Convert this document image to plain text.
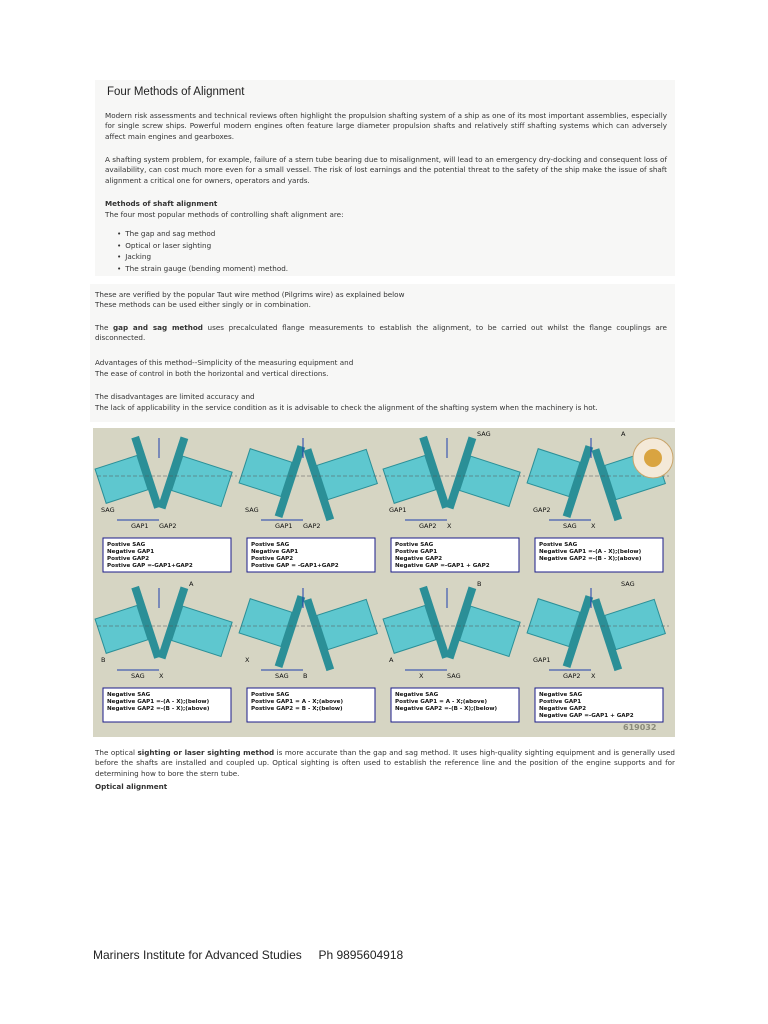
Four Methods of Alignment

Modern risk assessments and technical reviews often highlight the propulsion shafting system of a ship as one of its most important assemblies, especially for single screw ships. Powerful modern engines often feature large diameter propulsion shafts and relatively stiff shafting systems which can adversely affect main engines and gearboxes.

A shafting system problem, for example, failure of a stern tube bearing due to misalignment, will lead to an emergency dry-docking and consequent loss of availability, can cost much more even for a small vessel. The risk of lost earnings and the potential threat to the safety of the ship make the issue of shaft alignment a critical one for owners, operators and yards.

Methods of shaft alignment

The four most popular methods of controlling shaft alignment are:

• The gap and sag method
• Optical or laser sighting
• Jacking
• The strain gauge (bending moment) method.

These are verified by the popular Taut wire method (Pilgrims wire) as explained below

These methods can be used either singly or in combination.

The gap and sag method uses precalculated flange measurements to establish the alignment, to be carried out whilst the flange couplings are disconnected.

Advantages of this method--Simplicity of the measuring equipment and

The ease of control in both the horizontal and vertical directions.

The disadvantages are limited accuracy and

The lack of applicability in the service condition as it is advisable to check the alignment of the shafting system when the machinery is hot.

SAG
GAP1 GAP2
Postive SAG
Negative GAP1
Postive GAP2
Postive GAP =-GAP1+GAP2
SAG
GAP1 GAP2
Postive SAG
Negative GAP1
Postive GAP2
Postive GAP = -GAP1+GAP2
GAP1
GAP2 X
SAG
Postive SAG
Postive GAP1
Negative GAP2
Negative GAP =-GAP1 + GAP2
GAP2
SAG X
A
Postive SAG
Negative GAP1 =-(A - X);(below)
Negative GAP2 =-(B - X);(above)
B
SAG X
A
Negative SAG
Negative GAP1 =-(A - X);(below)
Negative GAP2 =-(B - X);(above)
X
SAG B
Postive SAG
Postive GAP1 = A - X;(above)
Postive GAP2 = B - X;(below)
A
X	SAG
B
Negative SAG
Postive GAP1 = A - X;(above)
Negative GAP2 =-(B - X);(below)
GAP1
GAP2 X
SAG
Negative SAG
Postive GAP1
Negative GAP2
Negative GAP =-GAP1 + GAP2
619032

The optical sighting or laser sighting method is more accurate than the gap and sag method. It uses high-quality sighting equipment and is generally used before the shafts are installed and coupled up. Optical sighting is often used to establish the reference line and the position of the engine supports and for determining how to bore the stern tube.

Optical alignment

Mariners Institute for Advanced Studies     Ph 9895604918
